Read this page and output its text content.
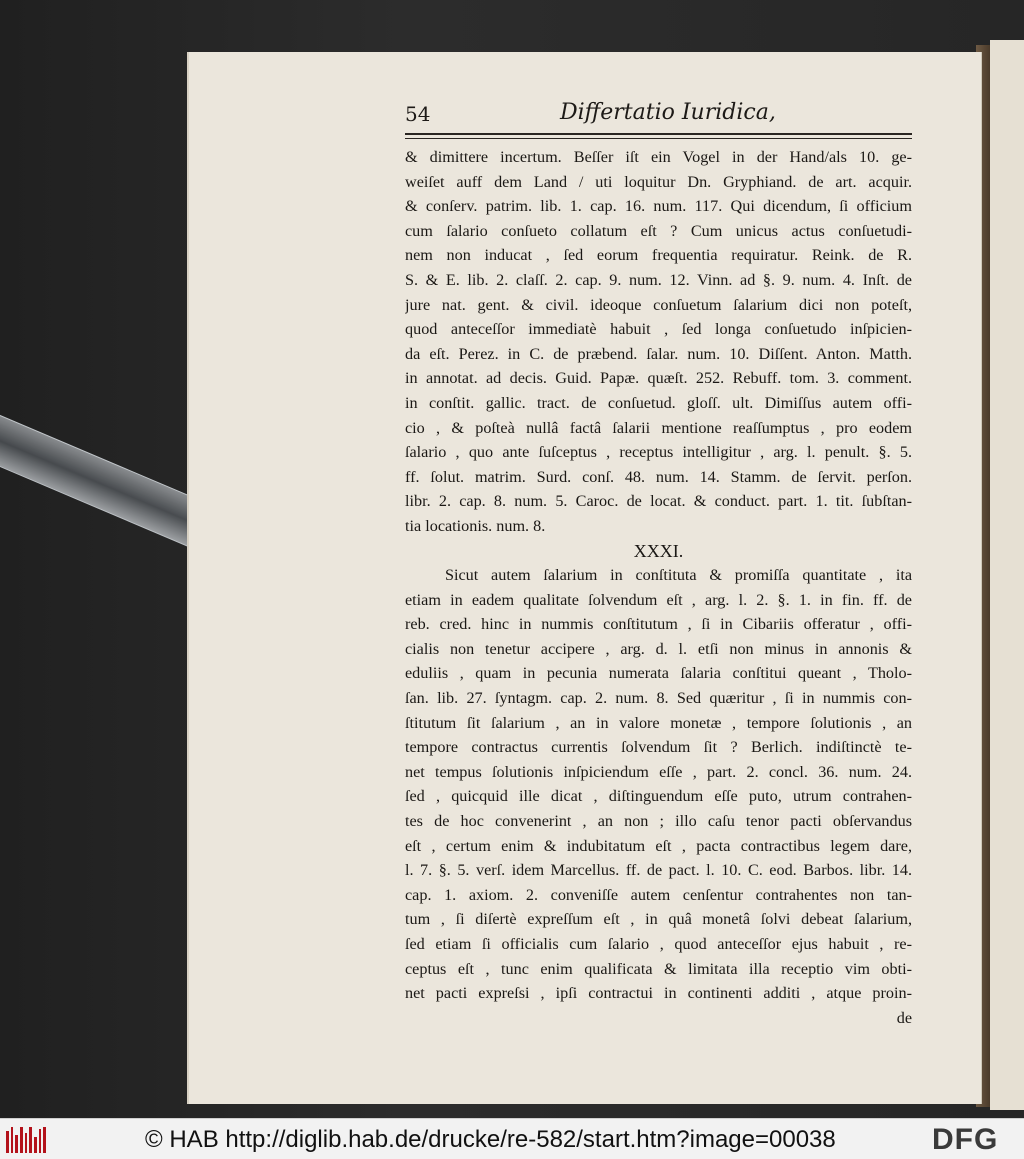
54	Differtatio Iuridica,
& dimittere incertum. Beſſer iſt ein Vogel in der Hand/als 10. ge-
weiſet auff dem Land / uti loquitur Dn. Gryphiand. de art. acquir.
& conſerv. patrim. lib. 1. cap. 16. num. 117. Qui dicendum, ſi officium
cum ſalario conſueto collatum eſt ? Cum unicus actus conſuetudi-
nem non inducat , ſed eorum frequentia requiratur. Reink. de R.
S. & E. lib. 2. claſſ. 2. cap. 9. num. 12. Vinn. ad §. 9. num. 4. Inſt. de
jure nat. gent. & civil. ideoque conſuetum ſalarium dici non poteſt,
quod anteceſſor immediatè habuit , ſed longa conſuetudo inſpicien-
da eſt. Perez. in C. de præbend. ſalar. num. 10. Diſſent. Anton. Matth.
in annotat. ad decis. Guid. Papæ. quæſt. 252. Rebuff. tom. 3. comment.
in conſtit. gallic. tract. de conſuetud. gloſſ. ult. Dimiſſus autem offi-
cio , & poſteà nullâ factâ ſalarii mentione reaſſumptus , pro eodem
ſalario , quo ante ſuſceptus , receptus intelligitur , arg. l. penult. §. 5.
ff. ſolut. matrim. Surd. conſ. 48. num. 14. Stamm. de ſervit. perſon.
libr. 2. cap. 8. num. 5. Caroc. de locat. & conduct. part. 1. tit. ſubſtan-
tia locationis. num. 8.
XXXI.
Sicut autem ſalarium in conſtituta & promiſſa quantitate , ita
etiam in eadem qualitate ſolvendum eſt , arg. l. 2. §. 1. in fin. ff. de
reb. cred. hinc in nummis conſtitutum , ſi in Cibariis offeratur , offi-
cialis non tenetur accipere , arg. d. l. etſi non minus in annonis &
eduliis , quam in pecunia numerata ſalaria conſtitui queant , Tholo-
ſan. lib. 27. ſyntagm. cap. 2. num. 8. Sed quæritur , ſi in nummis con-
ſtitutum ſit ſalarium , an in valore monetæ , tempore ſolutionis , an
tempore contractus currentis ſolvendum ſit ? Berlich. indiſtinctè te-
net tempus ſolutionis inſpiciendum eſſe , part. 2. concl. 36. num. 24.
ſed , quicquid ille dicat , diſtinguendum eſſe puto, utrum contrahen-
tes de hoc convenerint , an non ; illo caſu tenor pacti obſervandus
eſt , certum enim & indubitatum eſt , pacta contractibus legem dare,
l. 7. §. 5. verſ. idem Marcellus. ff. de pact. l. 10. C. eod. Barbos. libr. 14.
cap. 1. axiom. 2. conveniſſe autem cenſentur contrahentes non tan-
tum , ſi diſertè expreſſum eſt , in quâ monetâ ſolvi debeat ſalarium,
ſed etiam ſi officialis cum ſalario , quod anteceſſor ejus habuit , re-
ceptus eſt , tunc enim qualificata & limitata illa receptio vim obti-
net pacti expreſsi , ipſi contractui in continenti additi , atque proin-
de
© HAB http://diglib.hab.de/drucke/re-582/start.htm?image=00038	DFG
